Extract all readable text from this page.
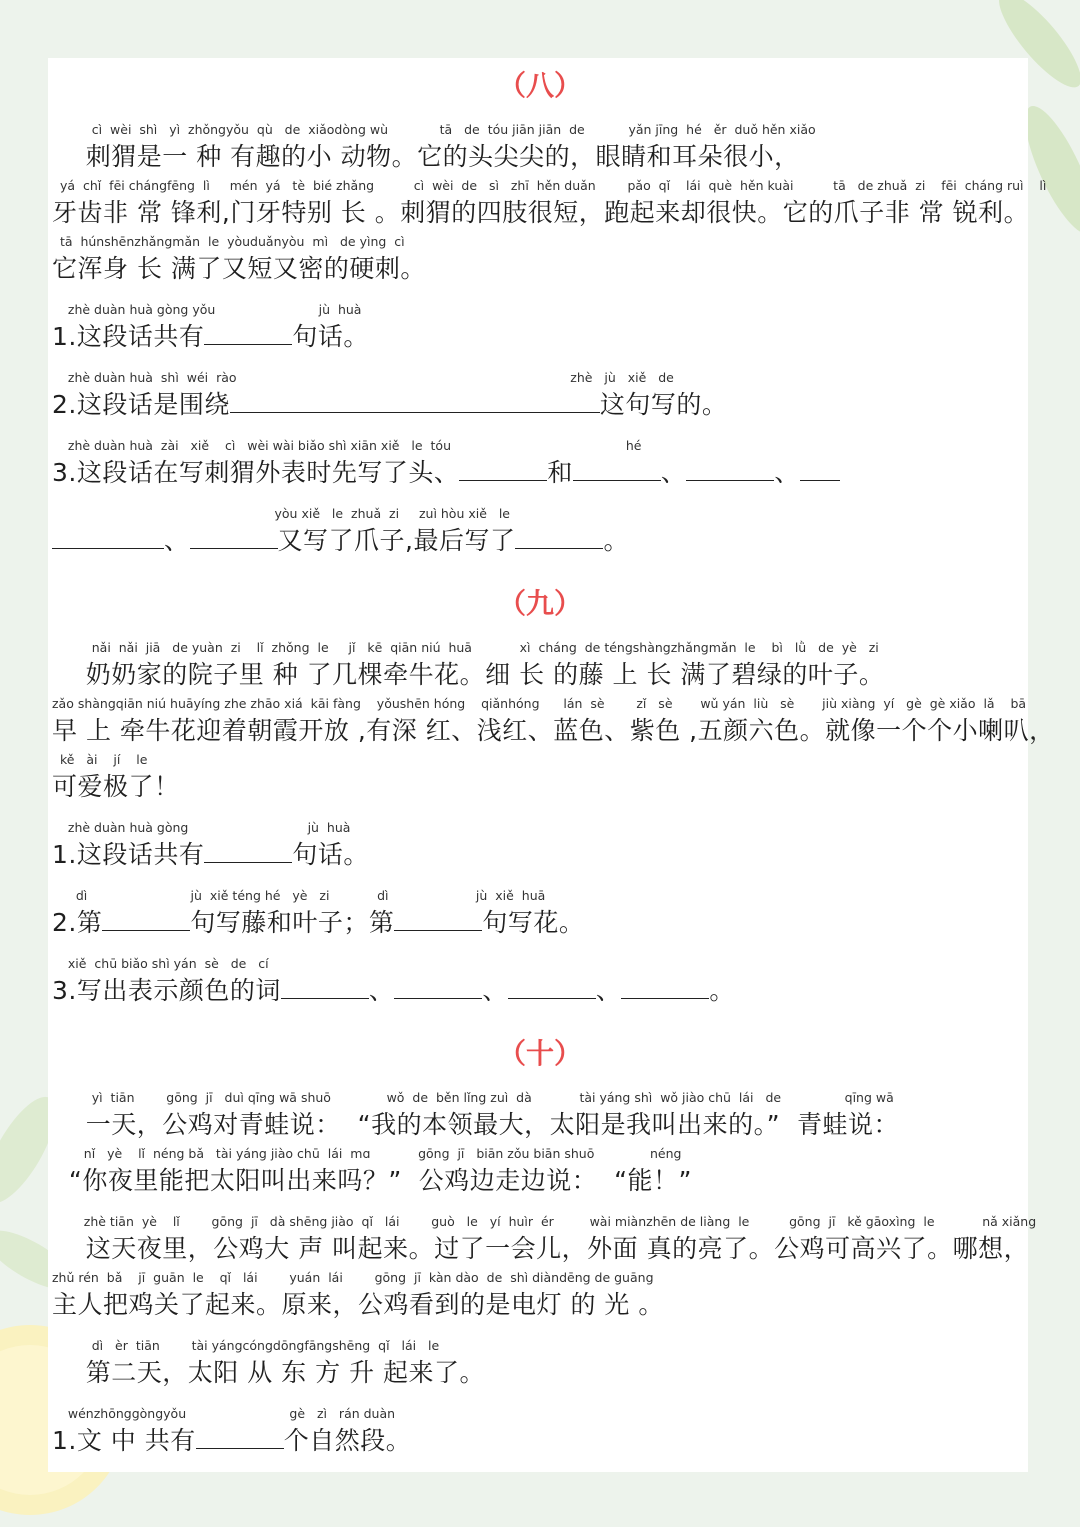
（八）
cì  wèi  shì   yì  zhǒngyǒu  qù   de  xiǎodòng wù             tā   de  tóu jiān jiān  de           yǎn jīng  hé   ěr  duǒ hěn xiǎo
刺猬是一 种 有趣的小 动物。它的头尖尖的，眼睛和耳朵很小，
yá  chǐ  fēi chángfēng  lì     mén  yá   tè  bié zhǎng          cì  wèi  de   sì   zhī  hěn duǎn        pǎo  qǐ    lái  què  hěn kuài          tā   de zhuǎ  zi    fēi  cháng ruì    lì
牙齿非 常 锋利,门牙特别 长 。刺猬的四肢很短，跑起来却很快。它的爪子非 常 锐利。
tā  húnshēnzhǎngmǎn  le  yòuduǎnyòu  mì   de yìng  cì
它浑身 长 满了又短又密的硬刺。
zhè duàn huà gòng yǒu                          jù  huà
1.这段话共有	句话。
zhè duàn huà  shì  wéi  rào                                                                                    zhè   jù   xiě   de
2.这段话是围绕	这句写的。
zhè duàn huà  zài   xiě    cì   wèi wài biǎo shì xiān xiě   le  tóu                                            hé
3.这段话在写刺猬外表时先写了头、	和	、	、
yòu xiě   le  zhuǎ  zi     zuì hòu xiě   le
、	又写了爪子,最后写了	。
（九）
nǎi  nǎi  jiā   de yuàn  zi    lǐ  zhǒng  le     jǐ   kē  qiān niú  huā            xì  cháng  de téngshàngzhǎngmǎn  le    bì   lǜ   de  yè   zi
奶奶家的院子里 种 了几棵牵牛花。细 长 的藤 上 长 满了碧绿的叶子。
zǎo shàngqiān niú huāyíng zhe zhāo xiá  kāi fàng    yǒushēn hóng    qiǎnhóng      lán  sè        zǐ   sè       wǔ yán  liù   sè       jiù xiàng  yí   gè  gè xiǎo  lǎ    bā
早 上 牵牛花迎着朝霞开放 ,有深 红、浅红、蓝色、紫色 ,五颜六色。就像一个个小喇叭，
kě   ài    jí    le
可爱极了！
zhè duàn huà gòng                              jù  huà
1.这段话共有	句话。
dì                          jù  xiě téng hé   yè   zi            dì                      jù  xiě  huā
2.第	句写藤和叶子；第	句写花。
xiě  chū biǎo shì yán  sè   de   cí
3.写出表示颜色的词	、	、	、	。
（十）
yì  tiān        gōng  jī   duì qīng wā shuō              wǒ  de  běn lǐng zuì  dà            tài yáng shì  wǒ jiào chū  lái   de                qīng wā
一天，公鸡对青蛙说：  “我的本领最大，太阳是我叫出来的。”  青蛙说：
nǐ   yè    lǐ  néng bǎ   tài yáng jiào chū  lái  mɑ            gōng  jī   biān zǒu biān shuō              néng
“你夜里能把太阳叫出来吗？”  公鸡边走边说：  “能！”
zhè tiān  yè    lǐ        gōng  jī   dà shēng jiào  qǐ   lái        guò   le   yí  huìr  ér         wài miànzhēn de liàng  le          gōng  jī   kě gāoxìng  le            nǎ xiǎng
这天夜里，公鸡大 声 叫起来。过了一会儿，外面 真的亮了。公鸡可高兴了。哪想，
zhǔ rén  bǎ    jī  guān  le    qǐ   lái        yuán  lái        gōng  jī  kàn dào  de  shì diàndēng de guāng
主人把鸡关了起来。原来，公鸡看到的是电灯 的 光 。
dì   èr  tiān        tài yángcóngdōngfāngshēng  qǐ   lái   le
第二天，太阳 从 东 方 升 起来了。
wénzhōnggòngyǒu                          gè   zì   rán duàn
1.文 中 共有	个自然段。
